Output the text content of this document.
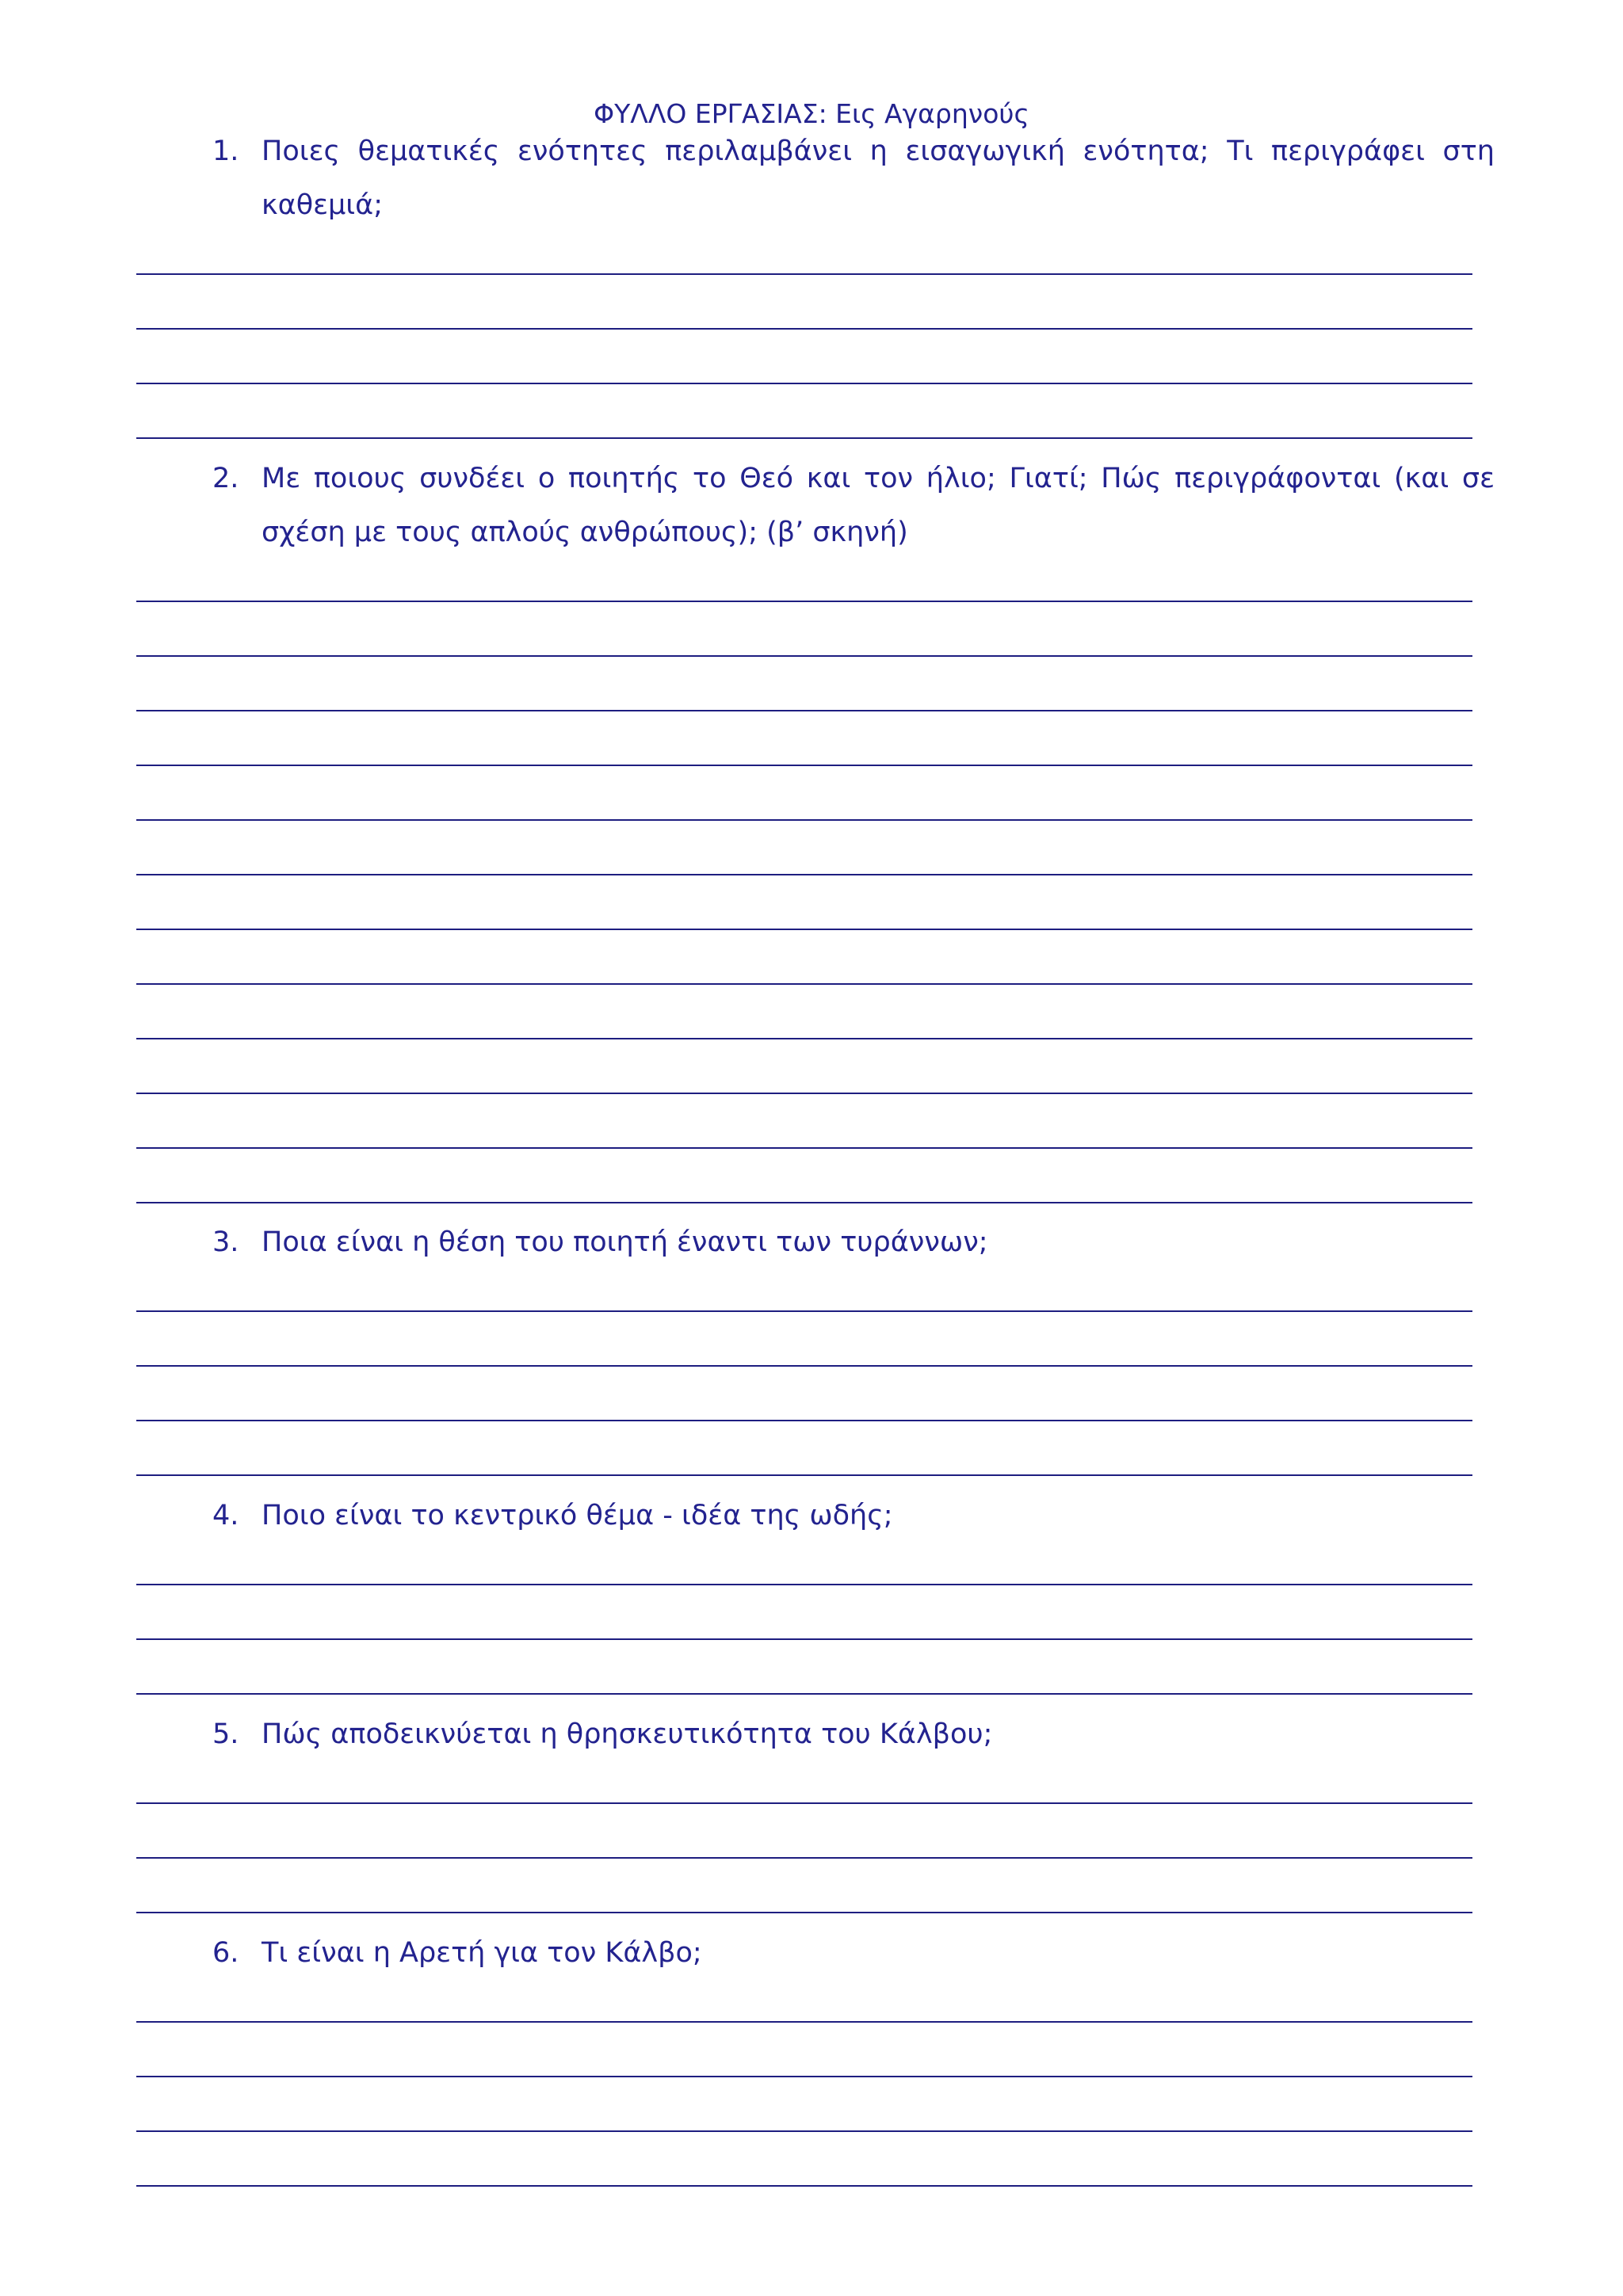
ΦΥΛΛΟ ΕΡΓΑΣΙΑΣ: Εις Αγαρηνούς
1. Ποιες θεματικές ενότητες περιλαμβάνει η εισαγωγική ενότητα; Τι περιγράφει στη καθεμιά;
2. Με ποιους συνδέει ο ποιητής το Θεό και τον ήλιο; Γιατί; Πώς περιγράφονται (και σε σχέση με τους απλούς ανθρώπους); (β’ σκηνή)
3. Ποια είναι η θέση του ποιητή έναντι των τυράννων;
4. Ποιο είναι το κεντρικό θέμα - ιδέα της ωδής;
5. Πώς αποδεικνύεται η θρησκευτικότητα του Κάλβου;
6. Τι είναι η Αρετή για τον Κάλβο;
